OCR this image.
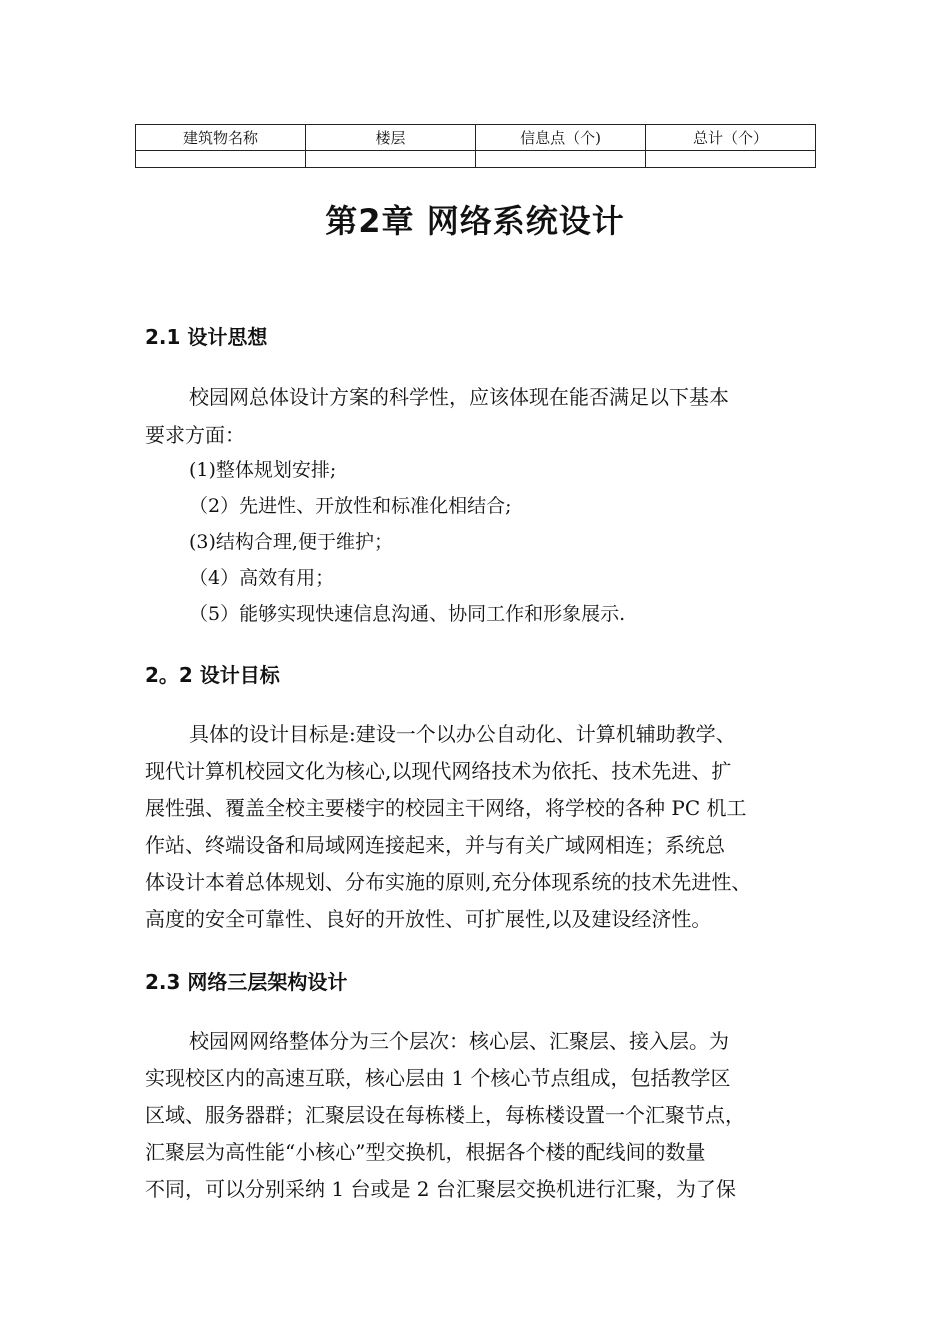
建筑物名称	楼层	信息点（个)	总计（个）

第2章 网络系统设计
2.1 设计思想
校园网总体设计方案的科学性，应该体现在能否满足以下基本
要求方面：
(1)整体规划安排;
（2）先进性、开放性和标准化相结合;
(3)结构合理,便于维护；
（4）高效有用；
（5）能够实现快速信息沟通、协同工作和形象展示.
2。2 设计目标
具体的设计目标是:建设一个以办公自动化、计算机辅助教学、
现代计算机校园文化为核心,以现代网络技术为依托、技术先进、扩
展性强、覆盖全校主要楼宇的校园主干网络，将学校的各种 PC 机工
作站、终端设备和局域网连接起来，并与有关广域网相连；系统总
体设计本着总体规划、分布实施的原则,充分体现系统的技术先进性、
高度的安全可靠性、良好的开放性、可扩展性,以及建设经济性。
2.3 网络三层架构设计
校园网网络整体分为三个层次：核心层、汇聚层、接入层。为
实现校区内的高速互联，核心层由 1 个核心节点组成，包括教学区
区域、服务器群；汇聚层设在每栋楼上，每栋楼设置一个汇聚节点，
汇聚层为高性能“小核心”型交换机，根据各个楼的配线间的数量
不同，可以分别采纳 1 台或是 2 台汇聚层交换机进行汇聚，为了保
